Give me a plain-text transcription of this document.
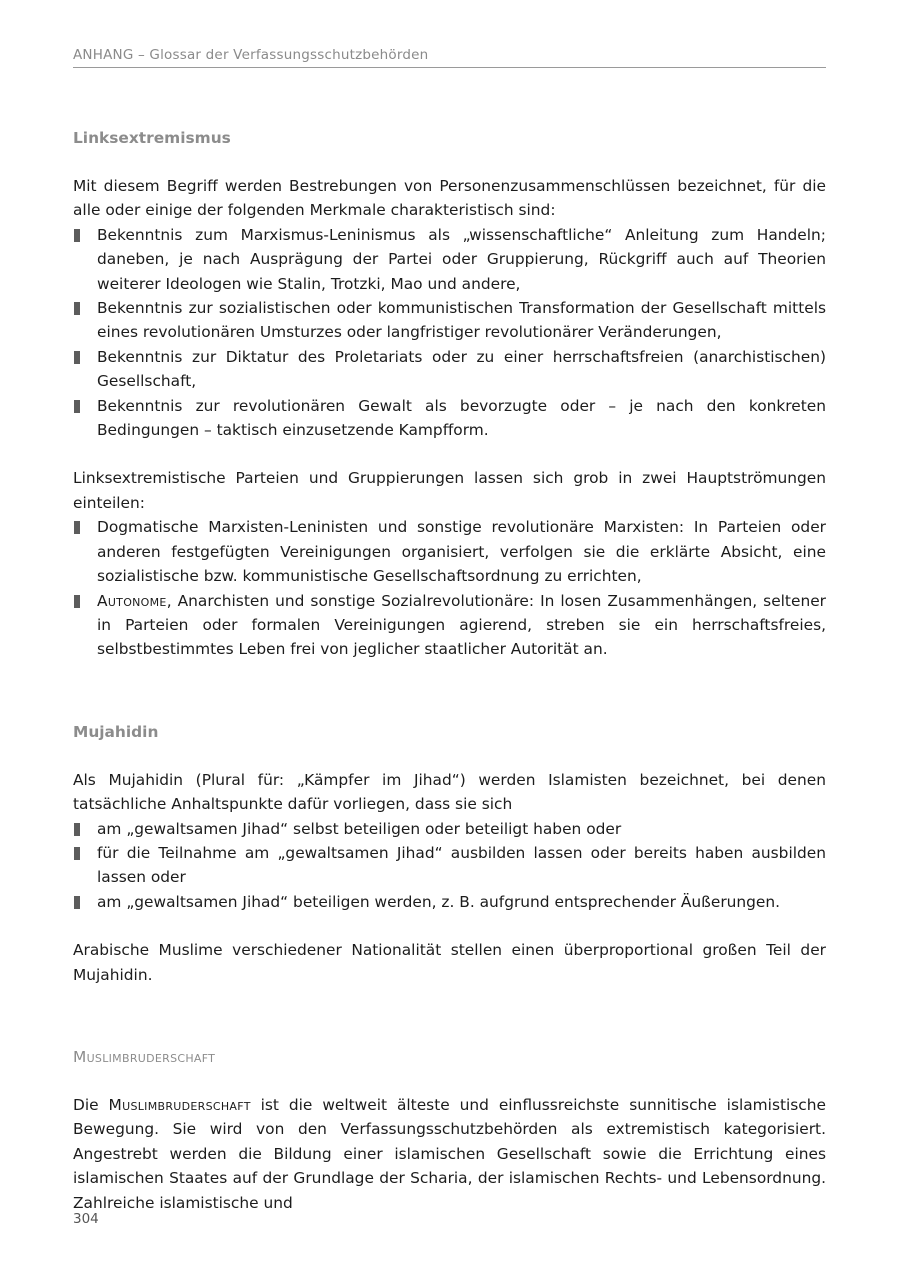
ANHANG – Glossar der Verfassungsschutzbehörden
Linksextremismus

Mit diesem Begriff werden Bestrebungen von Personenzusammenschlüssen bezeichnet, für die alle oder einige der folgenden Merkmale charakteristisch sind:

Bekenntnis zum Marxismus-Leninismus als „wissenschaftliche“ Anleitung zum Handeln; daneben, je nach Ausprägung der Partei oder Gruppierung, Rückgriff auch auf Theorien weiterer Ideologen wie Stalin, Trotzki, Mao und andere,
Bekenntnis zur sozialistischen oder kommunistischen Transformation der Gesellschaft mittels eines revolutionären Umsturzes oder langfristiger revolutionärer Veränderungen,
Bekenntnis zur Diktatur des Proletariats oder zu einer herrschaftsfreien (anarchistischen) Gesellschaft,
Bekenntnis zur revolutionären Gewalt als bevorzugte oder – je nach den konkreten Bedingungen – taktisch einzusetzende Kampfform.

Linksextremistische Parteien und Gruppierungen lassen sich grob in zwei Hauptströmungen einteilen:

Dogmatische Marxisten-Leninisten und sonstige revolutionäre Marxisten: In Parteien oder anderen festgefügten Vereinigungen organisiert, verfolgen sie die erklärte Absicht, eine sozialistische bzw. kommunistische Gesellschaftsordnung zu errichten,
Autonome, Anarchisten und sonstige Sozialrevolutionäre: In losen Zusammenhängen, seltener in Parteien oder formalen Vereinigungen agierend, streben sie ein herrschaftsfreies, selbstbestimmtes Leben frei von jeglicher staatlicher Autorität an.
Mujahidin

Als Mujahidin (Plural für: „Kämpfer im Jihad“) werden Islamisten bezeichnet, bei denen tatsächliche Anhaltspunkte dafür vorliegen, dass sie sich

am „gewaltsamen Jihad“ selbst beteiligen oder beteiligt haben oder
für die Teilnahme am „gewaltsamen Jihad“ ausbilden lassen oder bereits haben ausbilden lassen oder
am „gewaltsamen Jihad“ beteiligen werden, z. B. aufgrund entsprechender Äußerungen.

Arabische Muslime verschiedener Nationalität stellen einen überproportional großen Teil der Mujahidin.

Muslimbruderschaft

Die Muslimbruderschaft ist die weltweit älteste und einflussreichste sunnitische islamistische Bewegung. Sie wird von den Verfassungsschutzbehörden als extremistisch kategorisiert. Angestrebt werden die Bildung einer islamischen Gesellschaft sowie die Errichtung eines islamischen Staates auf der Grundlage der Scharia, der islamischen Rechts- und Lebensordnung. Zahlreiche islamistische und

304
